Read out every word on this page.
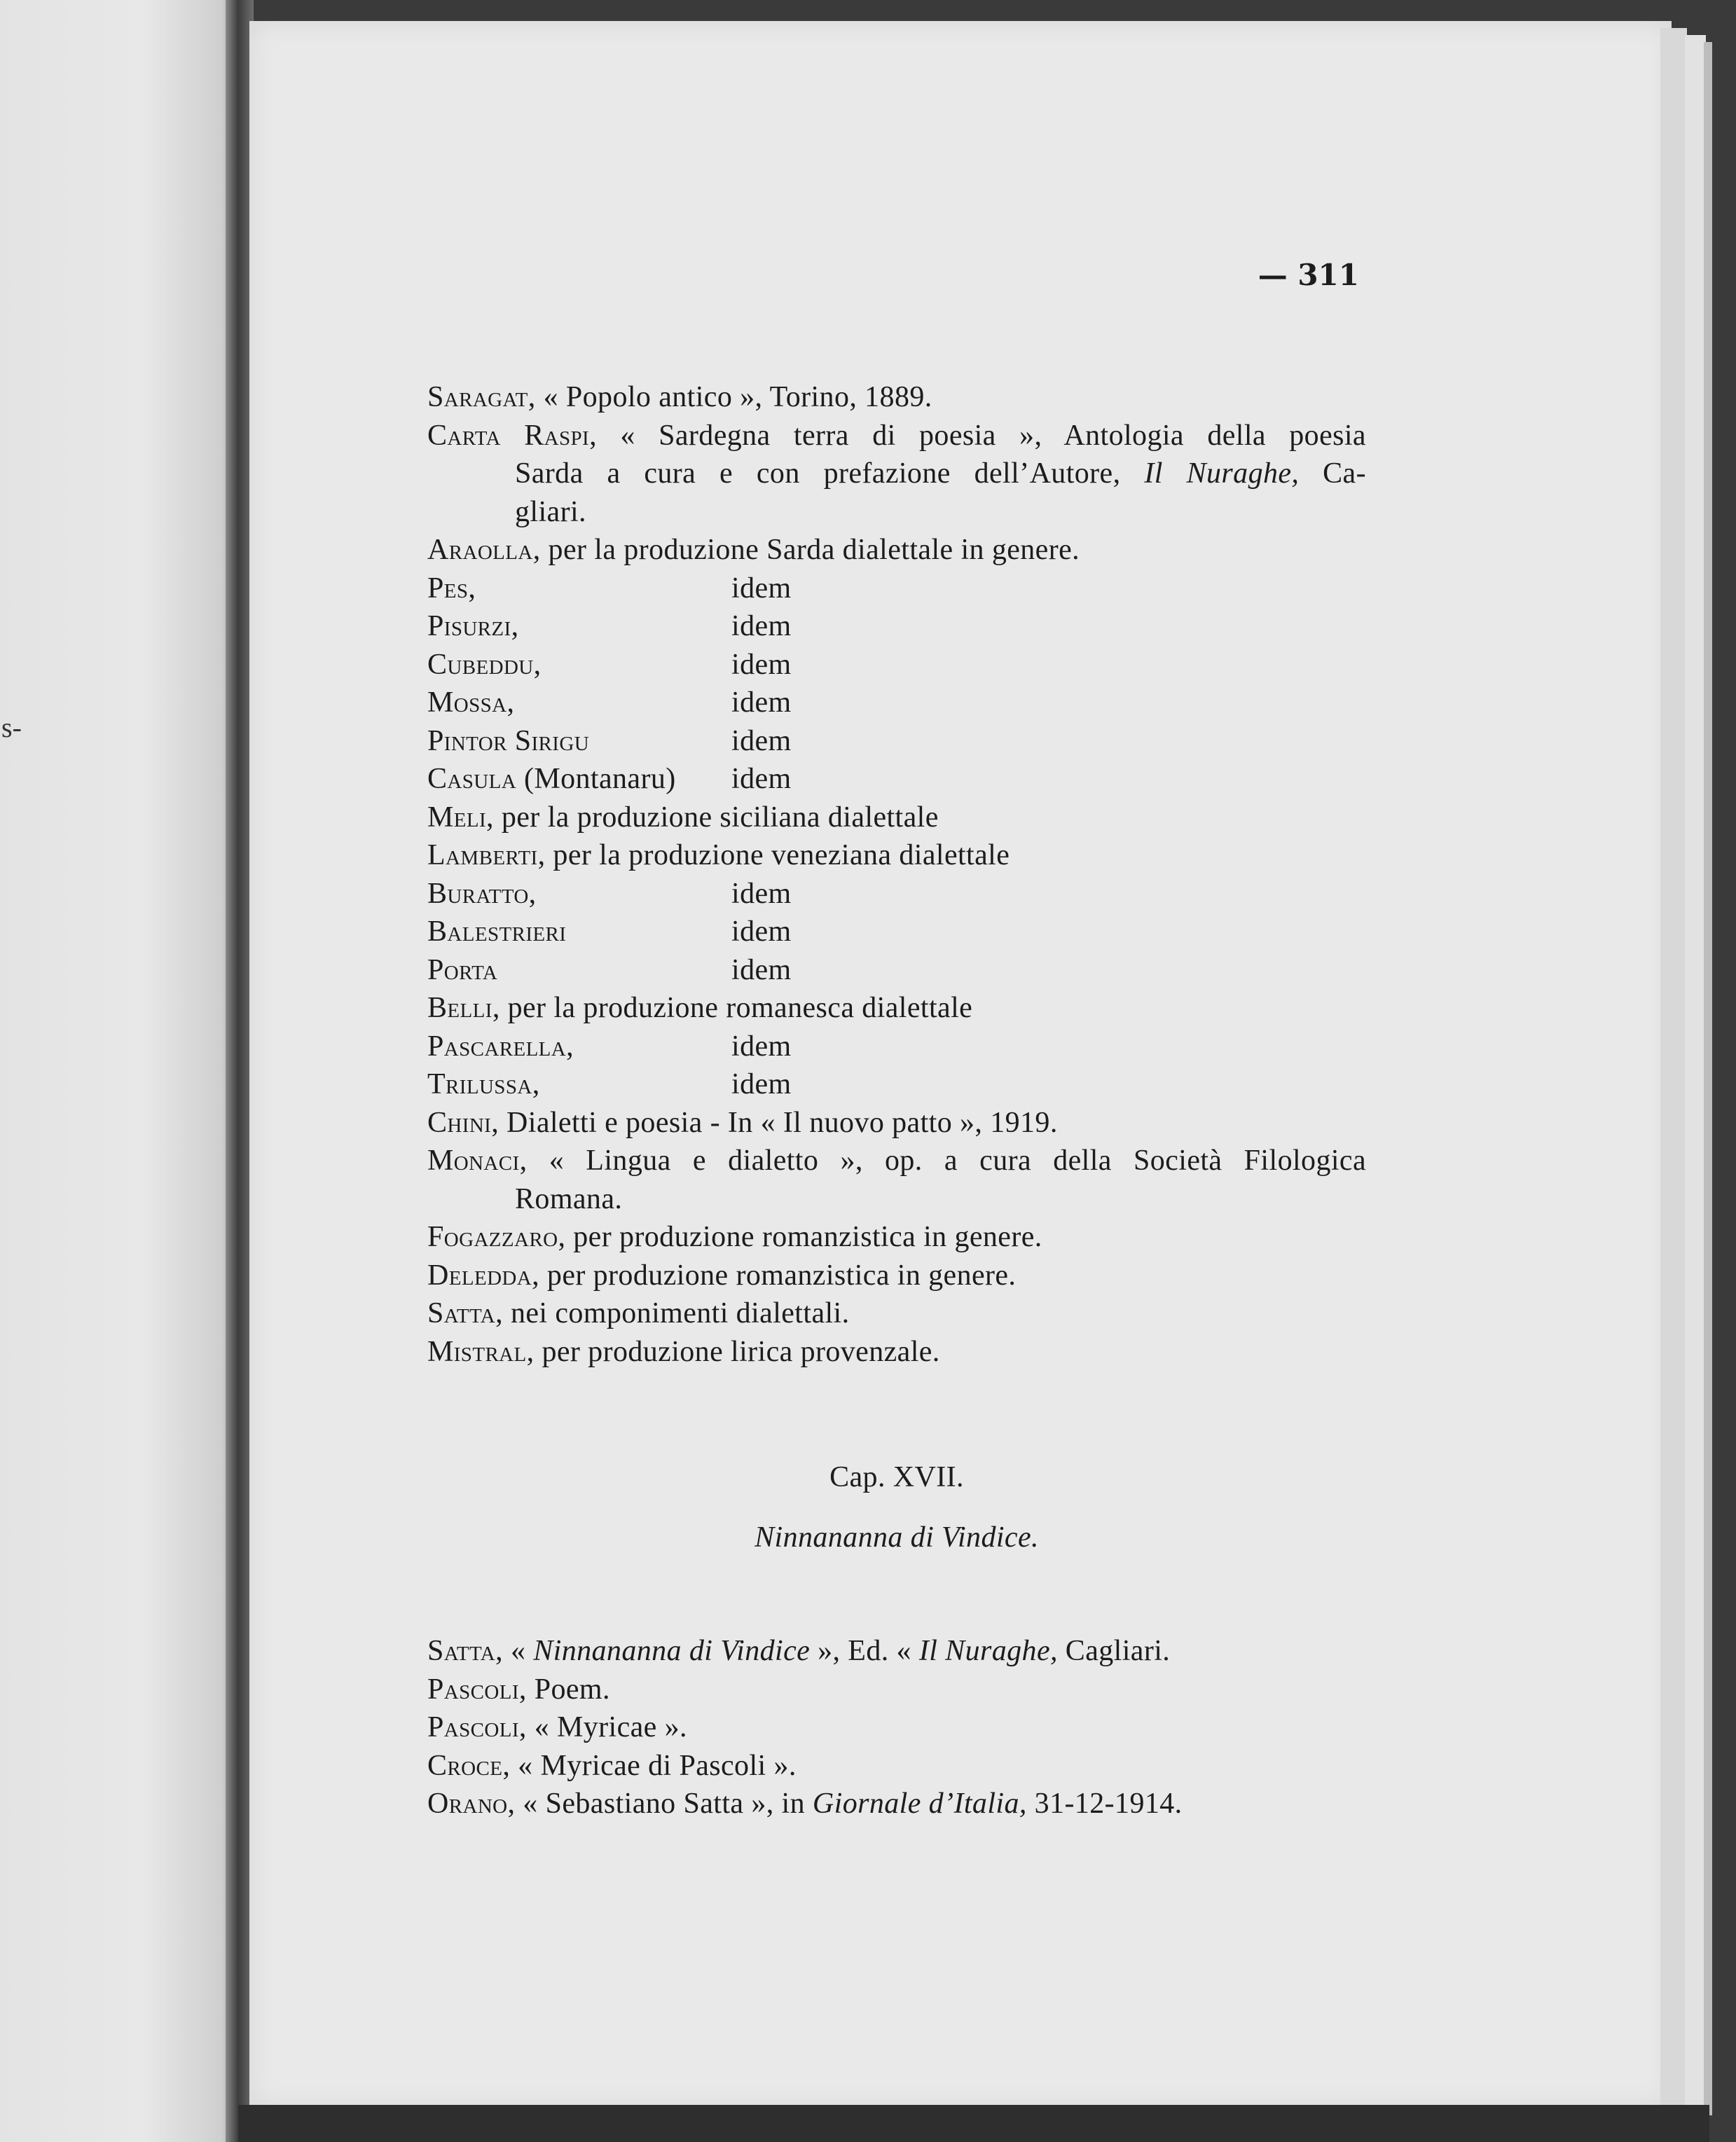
s-
— 311
Saragat, « Popolo antico », Torino, 1889.
Carta Raspi, « Sardegna terra di poesia », Antologia della poesia
Sarda a cura e con prefazione dell’Autore, Il Nuraghe, Ca-
gliari.
Araolla, per la produzione Sarda dialettale in genere.
Pes,	idem
Pisurzi,	idem
Cubeddu,	idem
Mossa,	idem
Pintor Sirigu	idem
Casula (Montanaru) idem
Meli, per la produzione siciliana dialettale
Lamberti, per la produzione veneziana dialettale
Buratto,	idem
Balestrieri	idem
Porta	idem
Belli, per la produzione romanesca dialettale
Pascarella,	idem
Trilussa,	idem
Chini, Dialetti e poesia - In « Il nuovo patto », 1919.
Monaci, « Lingua e dialetto », op. a cura della Società Filologica
Romana.
Fogazzaro, per produzione romanzistica in genere.
Deledda, per produzione romanzistica in genere.
Satta, nei componimenti dialettali.
Mistral, per produzione lirica provenzale.
Cap. XVII.
Ninnananna di Vindice.
Satta, « Ninnananna di Vindice », Ed. « Il Nuraghe, Cagliari.
Pascoli, Poem.
Pascoli, « Myricae ».
Croce, « Myricae di Pascoli ».
Orano, « Sebastiano Satta », in Giornale d’Italia, 31-12-1914.
